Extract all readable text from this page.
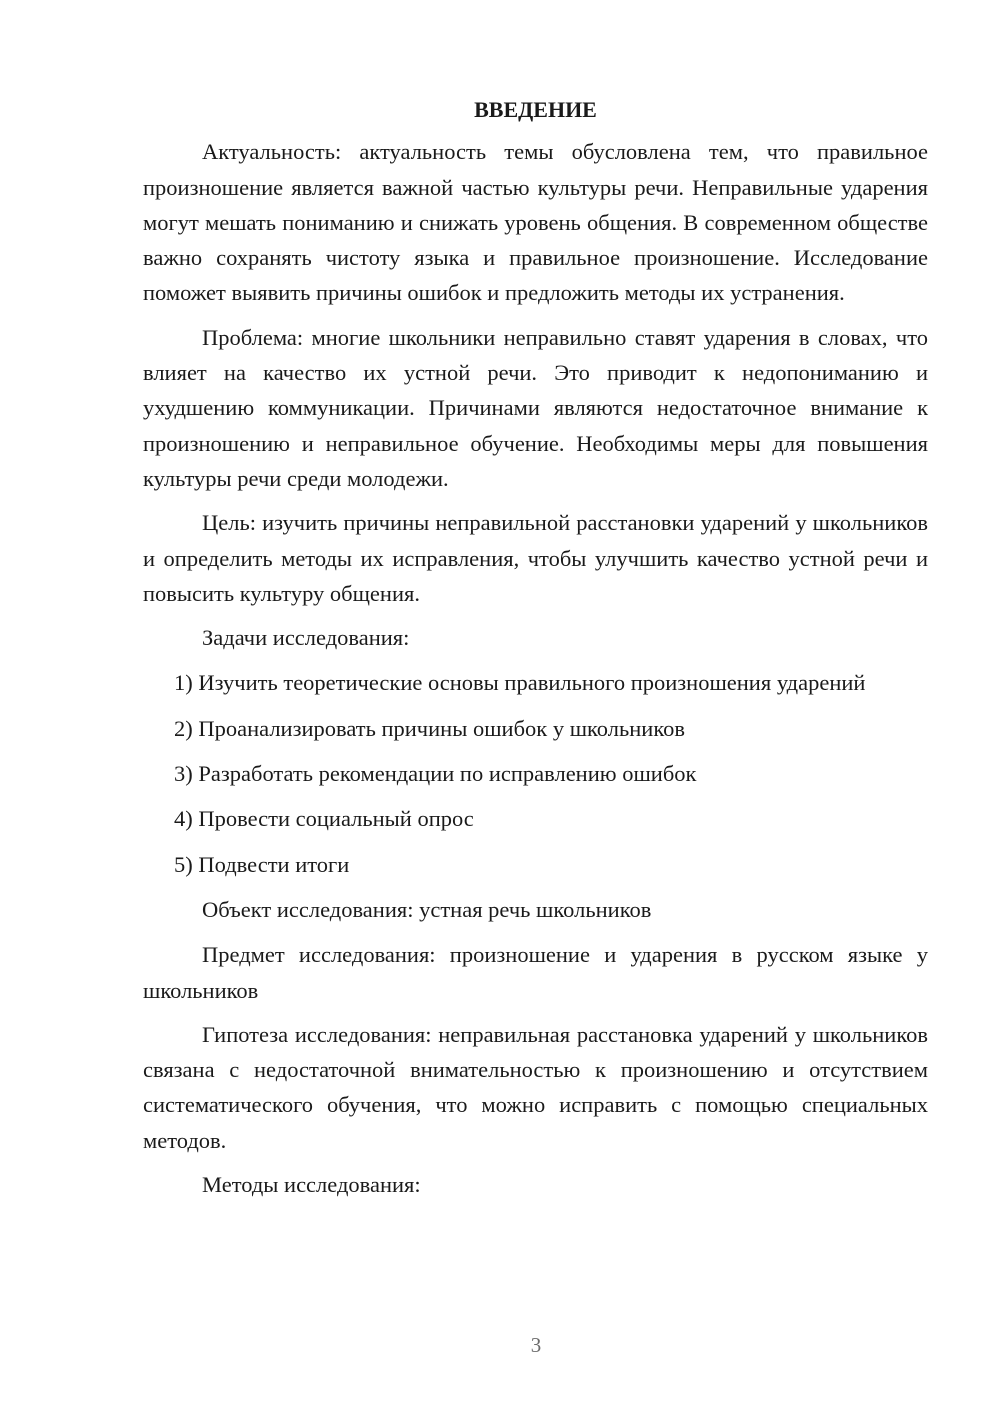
ВВЕДЕНИЕ

Актуальность: актуальность темы обусловлена тем, что правильное произношение является важной частью культуры речи. Неправильные ударения могут мешать пониманию и снижать уровень общения. В современном обществе важно сохранять чистоту языка и правильное произношение. Исследование поможет выявить причины ошибок и предложить методы их устранения.

Проблема: многие школьники неправильно ставят ударения в словах, что влияет на качество их устной речи. Это приводит к недопониманию и ухудшению коммуникации. Причинами являются недостаточное внимание к произношению и неправильное обучение. Необходимы меры для повышения культуры речи среди молодежи.

Цель: изучить причины неправильной расстановки ударений у школьников и определить методы их исправления, чтобы улучшить качество устной речи и повысить культуру общения.

Задачи исследования:

1) Изучить теоретические основы правильного произношения ударений

2) Проанализировать причины ошибок у школьников

3) Разработать рекомендации по исправлению ошибок

4) Провести социальный опрос

5) Подвести итоги

Объект исследования: устная речь школьников

Предмет исследования: произношение и ударения в русском языке у школьников

Гипотеза исследования: неправильная расстановка ударений у школьников связана с недостаточной внимательностью к произношению и отсутствием систематического обучения, что можно исправить с помощью специальных методов.

Методы исследования:

3
